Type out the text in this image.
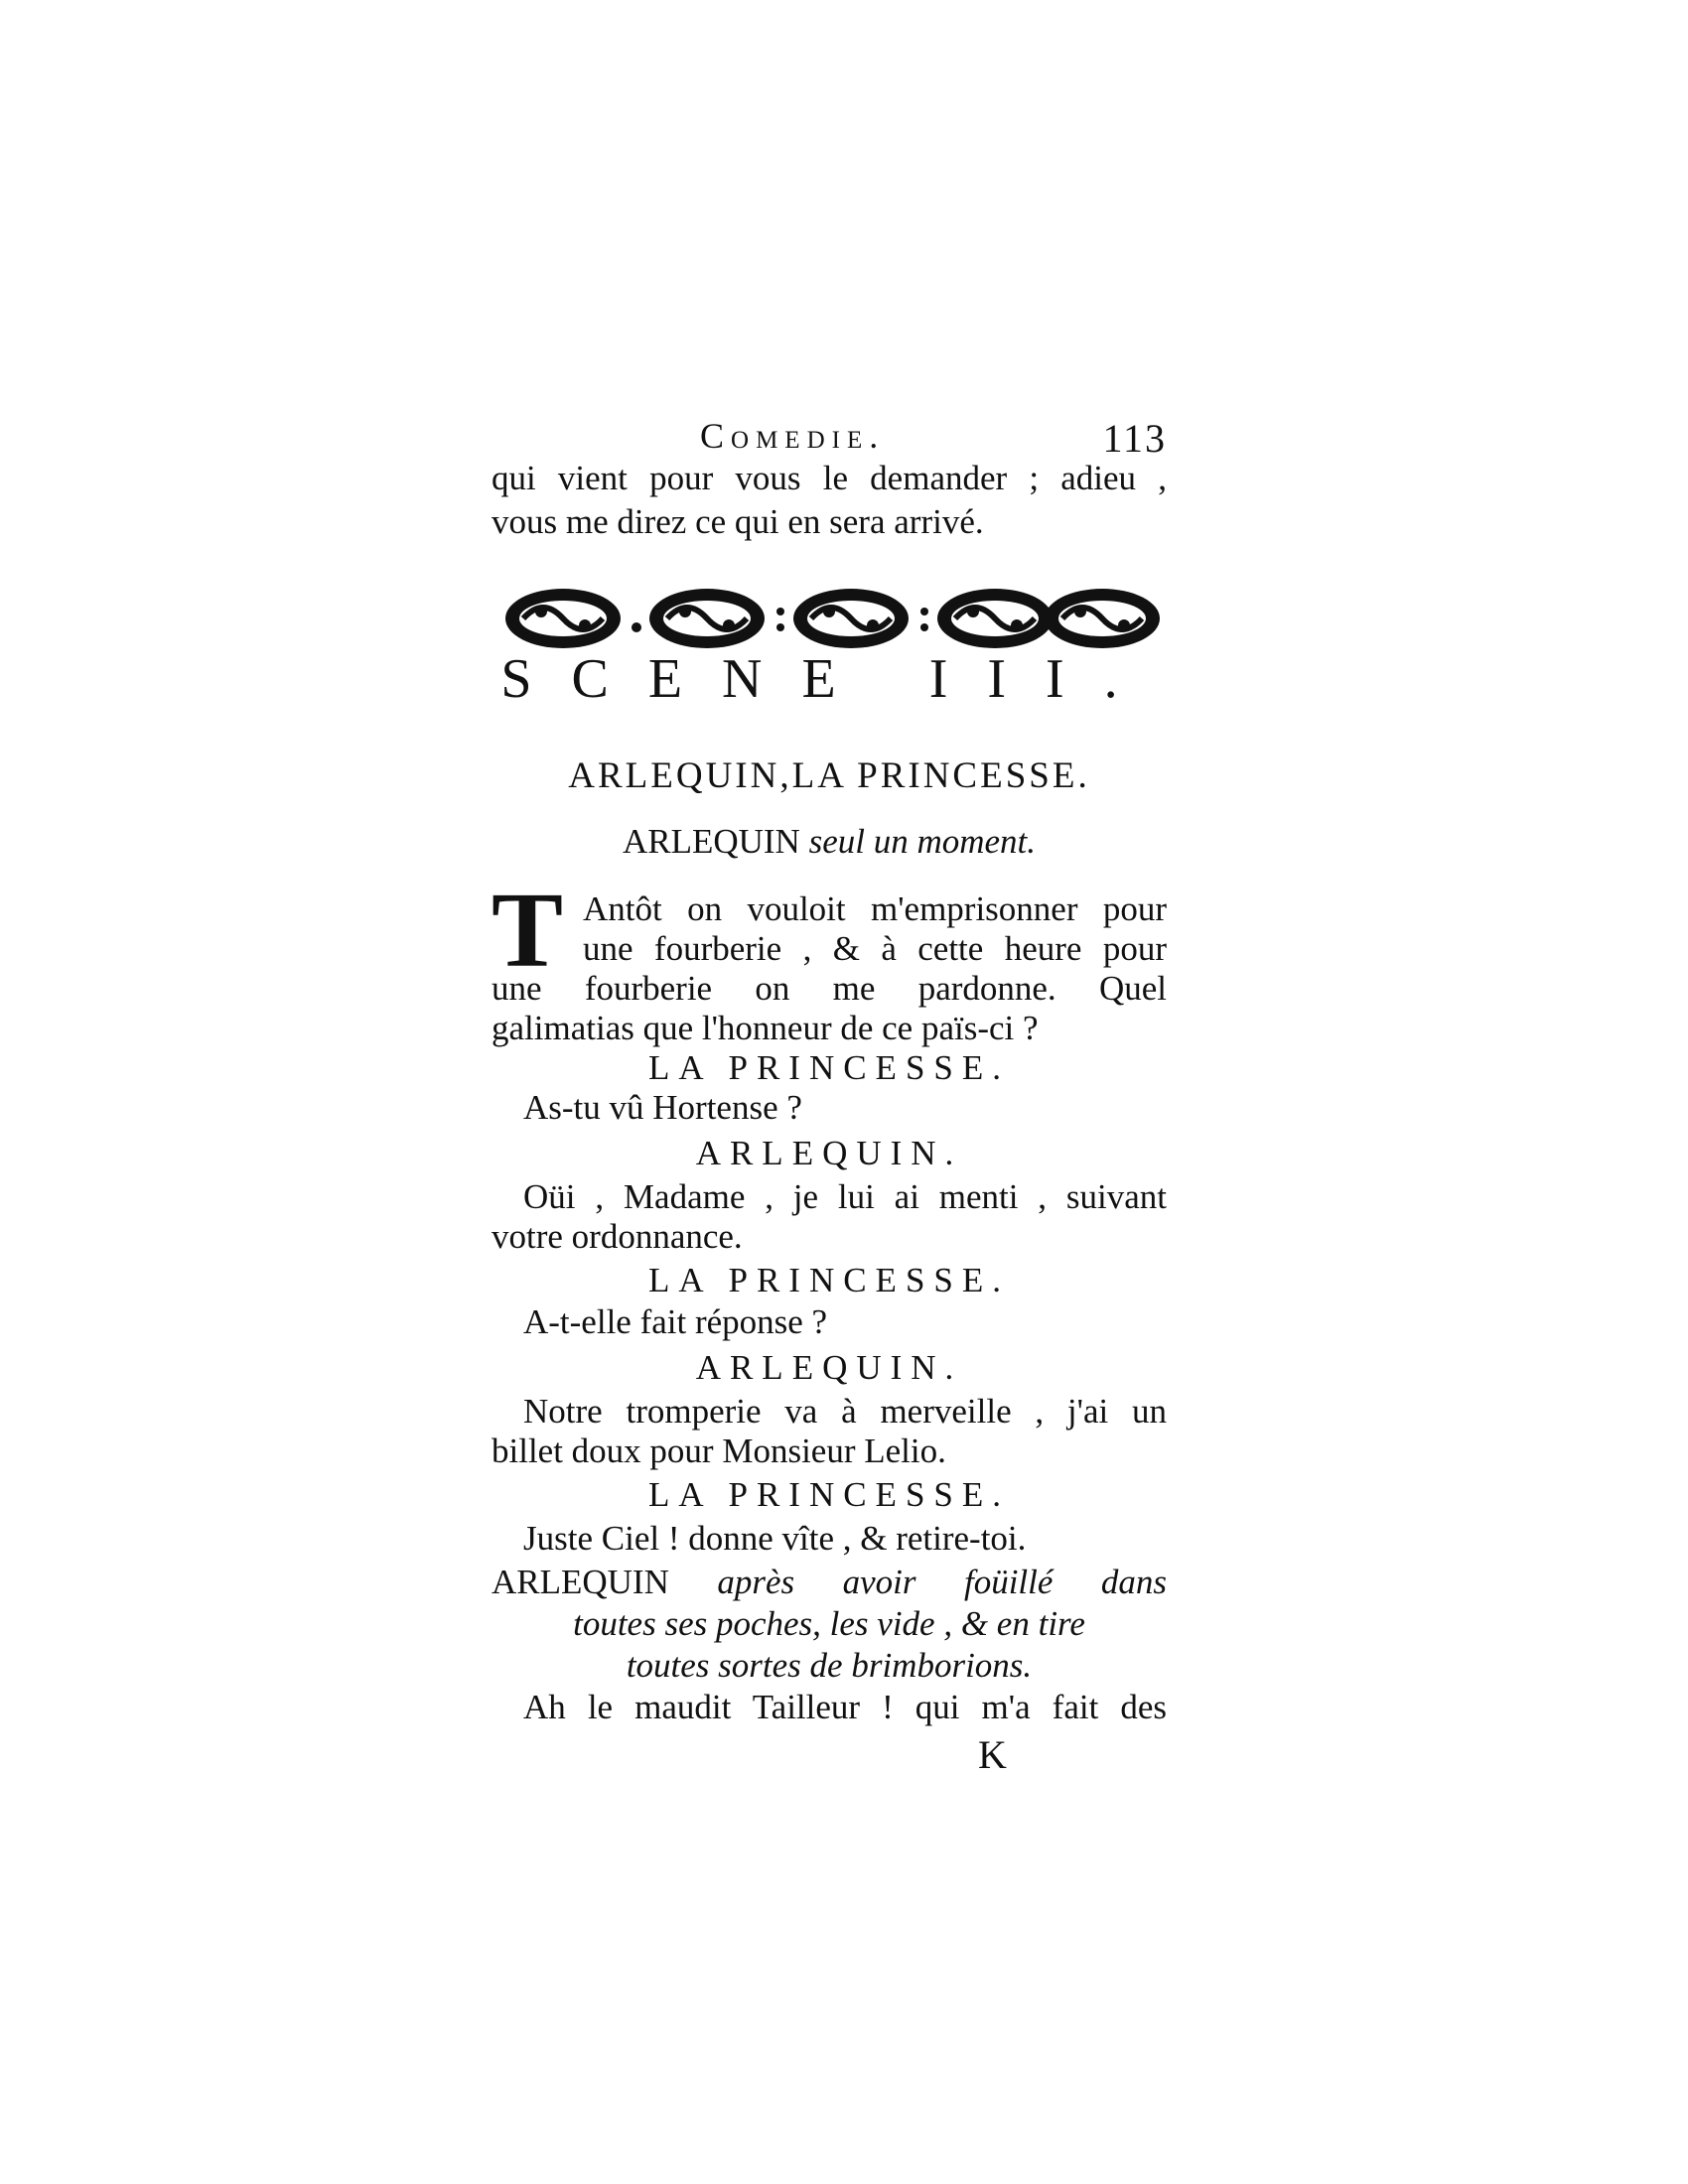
Comedie.	113
qui vient pour vous le demander ; adieu ,
vous me direz ce qui en sera arrivé.
SCENE III.
ARLEQUIN,LA PRINCESSE.
ARLEQUIN seul un moment.
T Antôt on vouloit m'emprisonner pour
une fourberie , & à cette heure pour
une fourberie on me pardonne. Quel
galimatias que l'honneur de ce païs-ci ?
LA PRINCESSE.
As-tu vû Hortense ?
ARLEQUIN.
Oüi , Madame , je lui ai menti , suivant
votre ordonnance.
LA PRINCESSE.
A-t-elle fait réponse ?
ARLEQUIN.
Notre tromperie va à merveille , j'ai un
billet doux pour Monsieur Lelio.
LA PRINCESSE.
Juste Ciel ! donne vîte , & retire-toi.
ARLEQUIN après avoir foüillé dans
toutes ses poches, les vide , & en tire
toutes sortes de brimborions.
Ah le maudit Tailleur ! qui m'a fait des
K
